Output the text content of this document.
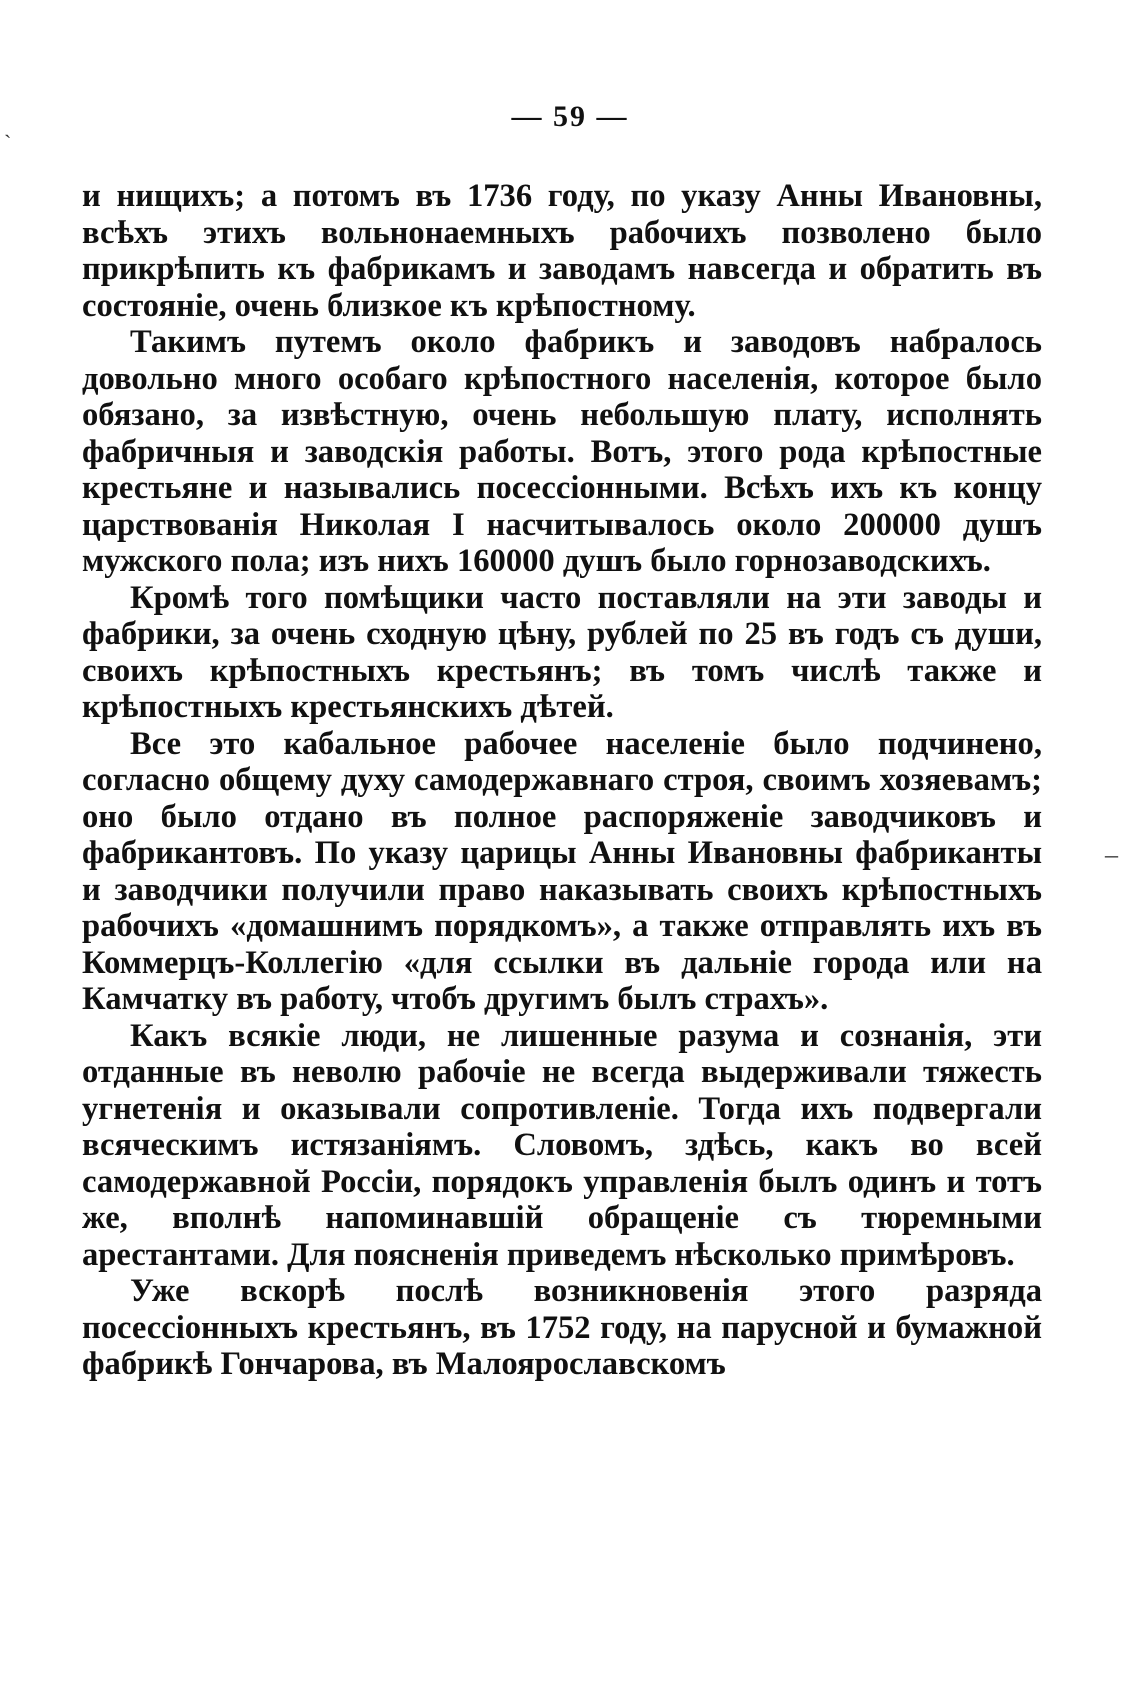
— 59 —

и нищихъ; а потомъ въ 1736 году, по указу Анны Ивановны, всѣхъ этихъ вольнонаемныхъ рабочихъ позволено было прикрѣпить къ фабрикамъ и заводамъ навсегда и обратить въ состояніе, очень близкое къ крѣпостному.

Такимъ путемъ около фабрикъ и заводовъ набралось довольно много особаго крѣпостного населенія, которое было обязано, за извѣстную, очень небольшую плату, исполнять фабричныя и заводскія работы. Вотъ, этого рода крѣпостные крестьяне и назывались посессіонными. Всѣхъ ихъ къ концу царствованія Николая I насчитывалось около 200000 душъ мужского пола; изъ нихъ 160000 душъ было горнозаводскихъ.

Кромѣ того помѣщики часто поставляли на эти заводы и фабрики, за очень сходную цѣну, рублей по 25 въ годъ съ души, своихъ крѣпостныхъ крестьянъ; въ томъ числѣ также и крѣпостныхъ крестьянскихъ дѣтей.

Все это кабальное рабочее населеніе было подчинено, согласно общему духу самодержавнаго строя, своимъ хозяевамъ; оно было отдано въ полное распоряженіе заводчиковъ и фабрикантовъ. По указу царицы Анны Ивановны фабриканты и заводчики получили право наказывать своихъ крѣпостныхъ рабочихъ «домашнимъ порядкомъ», а также отправлять ихъ въ Коммерцъ-Коллегію «для ссылки въ дальніе города или на Камчатку въ работу, чтобъ другимъ былъ страхъ».

Какъ всякіе люди, не лишенные разума и сознанія, эти отданные въ неволю рабочіе не всегда выдерживали тяжесть угнетенія и оказывали сопротивленіе. Тогда ихъ подвергали всяческимъ истязаніямъ. Словомъ, здѣсь, какъ во всей самодержавной Россіи, порядокъ управленія былъ одинъ и тотъ же, вполнѣ напоминавшій обращеніе съ тюремными арестантами. Для поясненія приведемъ нѣсколько примѣровъ.

Уже вскорѣ послѣ возникновенія этого разряда посессіонныхъ крестьянъ, въ 1752 году, на парусной и бумажной фабрикѣ Гончарова, въ Малоярославскомъ

ˋ
‒
